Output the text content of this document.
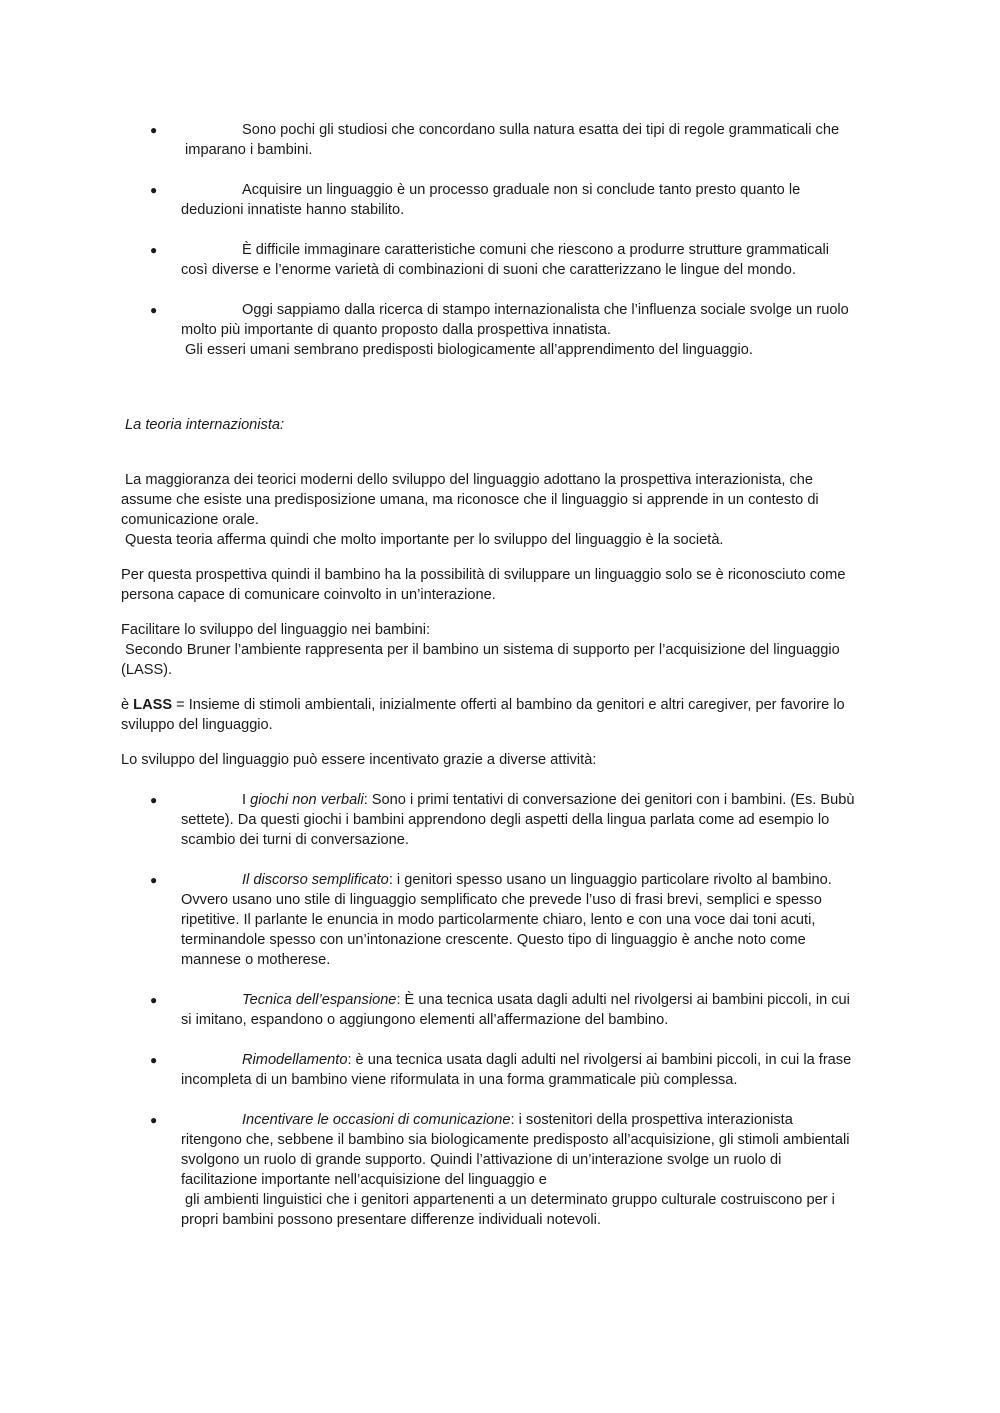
●	Sono pochi gli studiosi che concordano sulla natura esatta dei tipi di regole grammaticali che
imparano i bambini.
●	Acquisire un linguaggio è un processo graduale non si conclude tanto presto quanto le
deduzioni innatiste hanno stabilito.
●	È difficile immaginare caratteristiche comuni che riescono a produrre strutture grammaticali
così diverse e l’enorme varietà di combinazioni di suoni che caratterizzano le lingue del mondo.
●	Oggi sappiamo dalla ricerca di stampo internazionalista che l’influenza sociale svolge un ruolo
molto più importante di quanto proposto dalla prospettiva innatista.
Gli esseri umani sembrano predisposti biologicamente all’apprendimento del linguaggio.
La teoria internazionista:
La maggioranza dei teorici moderni dello sviluppo del linguaggio adottano la prospettiva interazionista, che
assume che esiste una predisposizione umana, ma riconosce che il linguaggio si apprende in un contesto di
comunicazione orale.
Questa teoria afferma quindi che molto importante per lo sviluppo del linguaggio è la società.
Per questa prospettiva quindi il bambino ha la possibilità di sviluppare un linguaggio solo se è riconosciuto come
persona capace di comunicare coinvolto in un’interazione.
Facilitare lo sviluppo del linguaggio nei bambini:
Secondo Bruner l’ambiente rappresenta per il bambino un sistema di supporto per l’acquisizione del linguaggio
(LASS).
è LASS = Insieme di stimoli ambientali, inizialmente offerti al bambino da genitori e altri caregiver, per favorire lo
sviluppo del linguaggio.
Lo sviluppo del linguaggio può essere incentivato grazie a diverse attività:
●	I giochi non verbali: Sono i primi tentativi di conversazione dei genitori con i bambini. (Es. Bubù
settete). Da questi giochi i bambini apprendono degli aspetti della lingua parlata come ad esempio lo
scambio dei turni di conversazione.
●	Il discorso semplificato: i genitori spesso usano un linguaggio particolare rivolto al bambino.
Ovvero usano uno stile di linguaggio semplificato che prevede l’uso di frasi brevi, semplici e spesso
ripetitive. Il parlante le enuncia in modo particolarmente chiaro, lento e con una voce dai toni acuti,
terminandole spesso con un’intonazione crescente. Questo tipo di linguaggio è anche noto come
mannese o motherese.
●	Tecnica dell’espansione: È una tecnica usata dagli adulti nel rivolgersi ai bambini piccoli, in cui
si imitano, espandono o aggiungono elementi all’affermazione del bambino.
●	Rimodellamento: è una tecnica usata dagli adulti nel rivolgersi ai bambini piccoli, in cui la frase
incompleta di un bambino viene riformulata in una forma grammaticale più complessa.
●	Incentivare le occasioni di comunicazione: i sostenitori della prospettiva interazionista
ritengono che, sebbene il bambino sia biologicamente predisposto all’acquisizione, gli stimoli ambientali
svolgono un ruolo di grande supporto. Quindi l’attivazione di un’interazione svolge un ruolo di
facilitazione importante nell’acquisizione del linguaggio e
gli ambienti linguistici che i genitori appartenenti a un determinato gruppo culturale costruiscono per i
propri bambini possono presentare differenze individuali notevoli.
